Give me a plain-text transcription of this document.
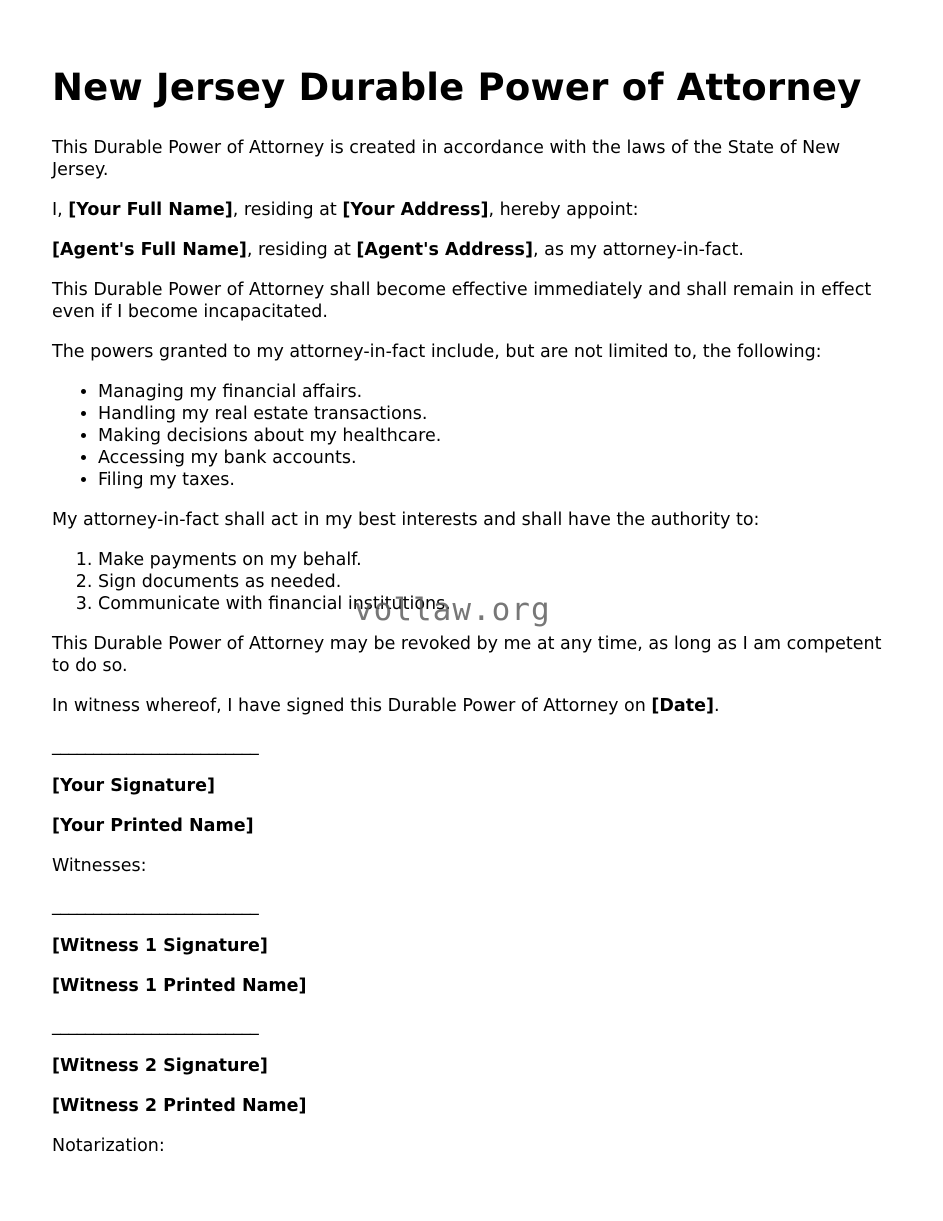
New Jersey Durable Power of Attorney

This Durable Power of Attorney is created in accordance with the laws of the State of New Jersey.

I, [Your Full Name], residing at [Your Address], hereby appoint:

[Agent's Full Name], residing at [Agent's Address], as my attorney-in-fact.

This Durable Power of Attorney shall become effective immediately and shall remain in effect even if I become incapacitated.

The powers granted to my attorney-in-fact include, but are not limited to, the following:

• Managing my financial affairs.
• Handling my real estate transactions.
• Making decisions about my healthcare.
• Accessing my bank accounts.
• Filing my taxes.

My attorney-in-fact shall act in my best interests and shall have the authority to:

1. Make payments on my behalf.
2. Sign documents as needed.
3. Communicate with financial institutions.

This Durable Power of Attorney may be revoked by me at any time, as long as I am competent to do so.

In witness whereof, I have signed this Durable Power of Attorney on [Date].

_________________________

[Your Signature]

[Your Printed Name]

Witnesses:

_________________________

[Witness 1 Signature]

[Witness 1 Printed Name]

_________________________

[Witness 2 Signature]

[Witness 2 Printed Name]

Notarization:

vollaw.org
